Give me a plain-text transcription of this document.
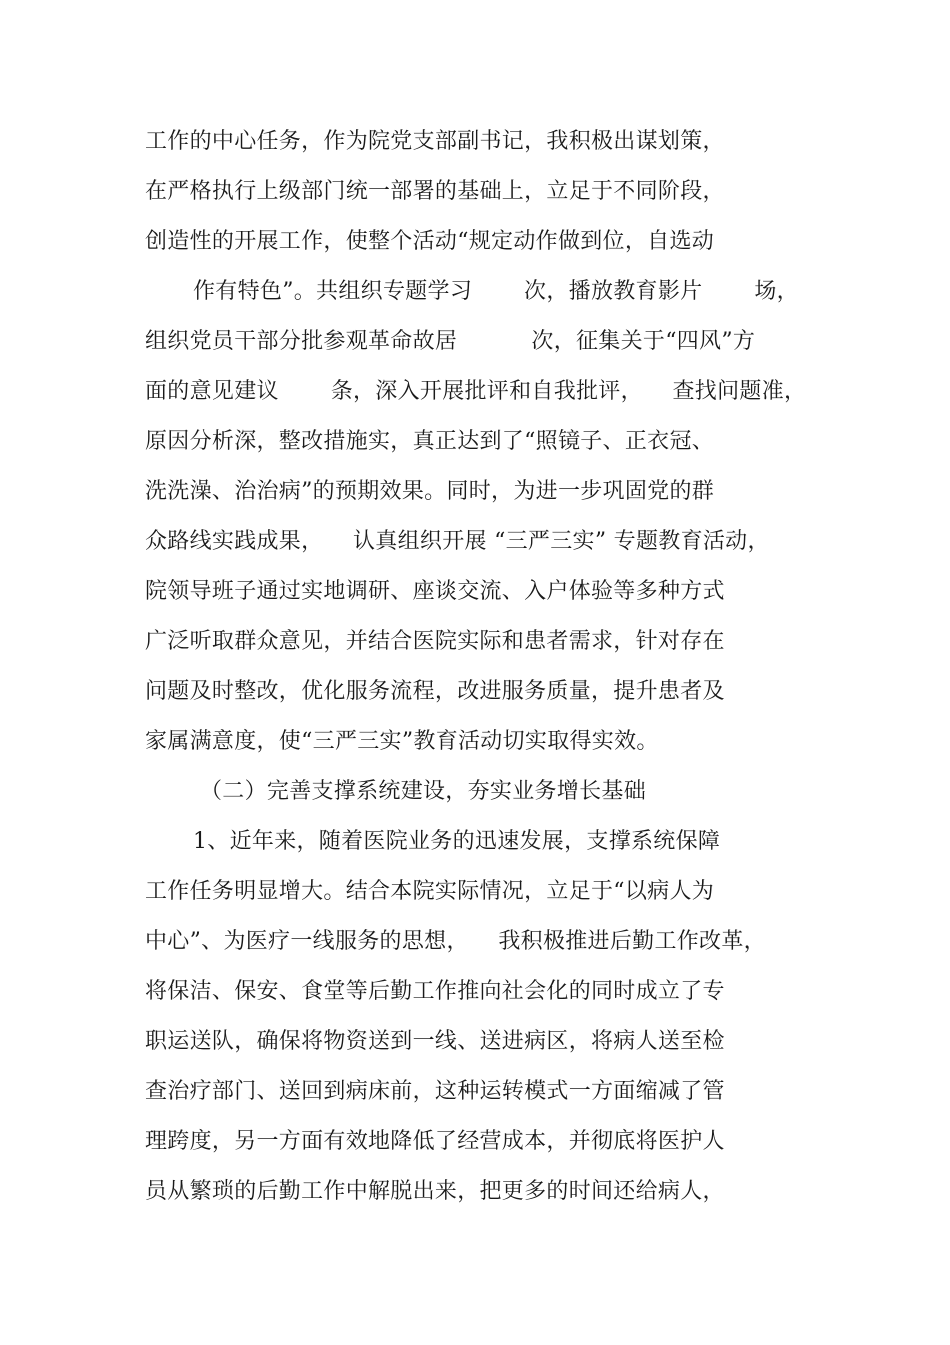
工作的中心任务，作为院党支部副书记，我积极出谋划策，
在严格执行上级部门统一部署的基础上，立足于不同阶段，
创造性的开展工作，使整个活动“规定动作做到位，自选动
作有特色”。共组织专题学习 　　次，播放教育影片 　　场，
组织党员干部分批参观革命故居 　　　次，征集关于“四风”方
面的意见建议 　　条，深入开展批评和自我批评， 　查找问题准，
原因分析深，整改措施实，真正达到了“照镜子、正衣冠、
洗洗澡、治治病”的预期效果。同时，为进一步巩固党的群
众路线实践成果， 　认真组织开展 “三严三实” 专题教育活动，
院领导班子通过实地调研、座谈交流、入户体验等多种方式
广泛听取群众意见，并结合医院实际和患者需求，针对存在
问题及时整改，优化服务流程，改进服务质量，提升患者及
家属满意度，使“三严三实”教育活动切实取得实效。
（二）完善支撑系统建设，夯实业务增长基础
1、近年来，随着医院业务的迅速发展，支撑系统保障
工作任务明显增大。结合本院实际情况，立足于“以病人为
中心”、为医疗一线服务的思想， 　我积极推进后勤工作改革，
将保洁、保安、食堂等后勤工作推向社会化的同时成立了专
职运送队，确保将物资送到一线、送进病区，将病人送至检
查治疗部门、送回到病床前，这种运转模式一方面缩减了管
理跨度，另一方面有效地降低了经营成本，并彻底将医护人
员从繁琐的后勤工作中解脱出来，把更多的时间还给病人，
